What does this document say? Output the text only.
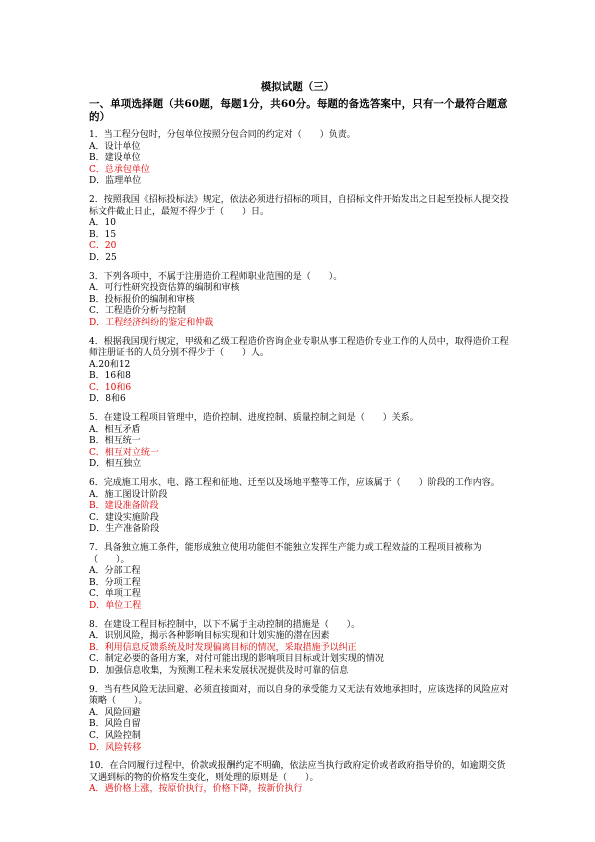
模拟试题（三）
一、单项选择题（共60题，每题1分，共60分。每题的备选答案中，只有一个最符合题意的）
1．当工程分包时，分包单位按照分包合同的约定对（　　）负责。
A．设计单位
B．建设单位
C．总承包单位
D．监理单位
2．按照我国《招标投标法》规定，依法必须进行招标的项目，自招标文件开始发出之日起至投标人提交投标文件截止日止，最短不得少于（　　）日。
A．10
B．15
C．20
D．25
3．下列各项中，不属于注册造价工程师职业范围的是（　　）。
A．可行性研究投资估算的编制和审核
B．投标报价的编制和审核
C．工程造价分析与控制
D．工程经济纠纷的鉴定和仲裁
4．根据我国现行规定，甲级和乙级工程造价咨询企业专职从事工程造价专业工作的人员中，取得造价工程师注册证书的人员分别不得少于（　　）人。
A.20和12
B．16和8
C．10和6
D．8和6
5．在建设工程项目管理中，造价控制、进度控制、质量控制之间是（　　）关系。
A．相互矛盾
B．相互统一
C．相互对立统一
D．相互独立
6．完成施工用水、电、路工程和征地、迁至以及场地平整等工作，应该属于（　　）阶段的工作内容。
A．施工图设计阶段
B．建设准备阶段
C．建设实施阶段
D．生产准备阶段
7．具备独立施工条件，能形成独立使用功能但不能独立发挥生产能力或工程效益的工程项目被称为（　　）。
A．分部工程
B．分项工程
C．单项工程
D．单位工程
8．在建设工程目标控制中，以下不属于主动控制的措施是（　　）。
A．识别风险，揭示各种影响目标实现和计划实施的潜在因素
B．利用信息反馈系统及时发现偏离目标的情况，采取措施予以纠正
C．制定必要的备用方案，对付可能出现的影响项目目标或计划实现的情况
D．加强信息收集，为预测工程未来发展状况提供及时可靠的信息
9．当有些风险无法回避、必须直接面对，而以自身的承受能力又无法有效地承担时，应该选择的风险应对策略（　　）。
A．风险回避
B．风险自留
C．风险控制
D．风险转移
10．在合同履行过程中，价款或报酬约定不明确，依法应当执行政府定价或者政府指导价的，如逾期交货又遇到标的物的价格发生变化，则处理的原则是（　　）。
A．遇价格上涨，按原价执行，价格下降，按新价执行
